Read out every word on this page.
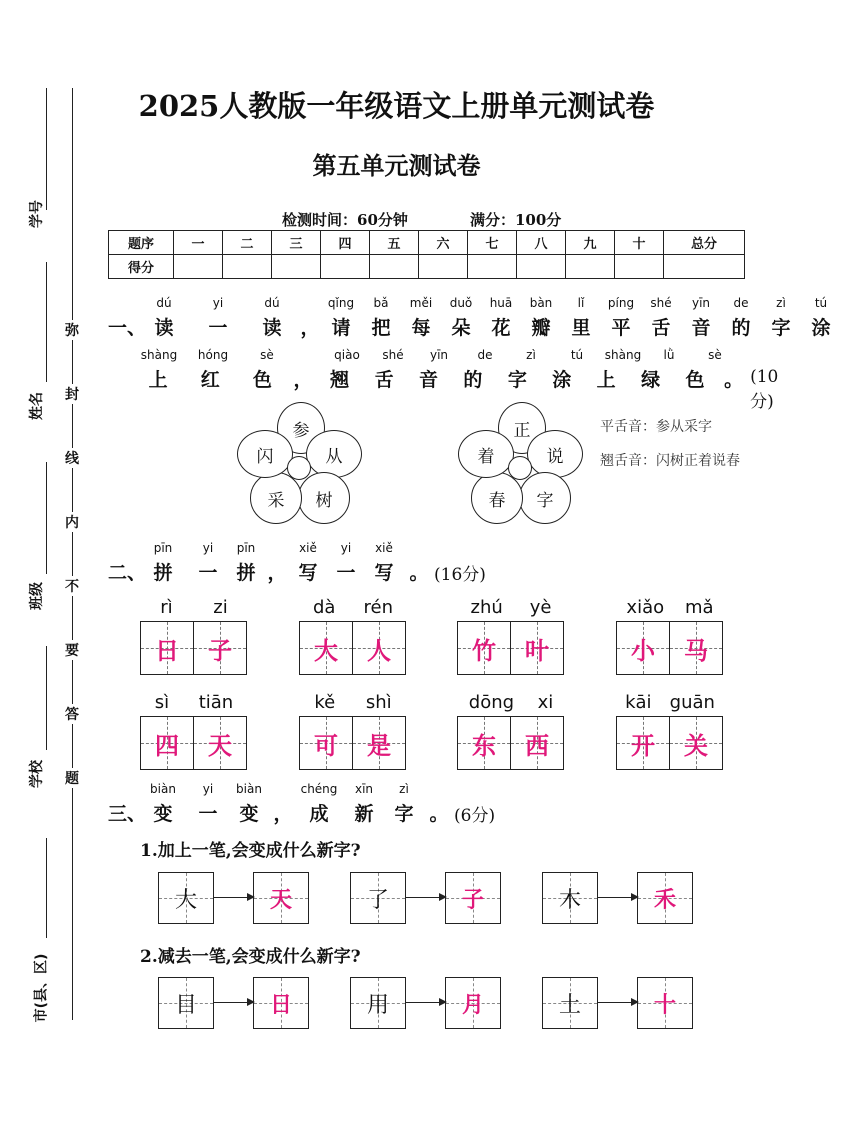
学号
姓名
班级
学校
市(县、区)
弥
封
线
内
不
要
答
题
2025人教版一年级语文上册单元测试卷
第五单元测试卷
检测时间：60分钟	满分：100分
题序	一	二	三	四	五	六	七	八	九	十	总分
得分											
dú	yi	dú	qǐng	bǎ	měi	duǒ	huā	bàn	lǐ	píng	shé	yīn	de	zì	tú
一、 读	一	读 ， 请	把	每	朵	花	瓣	里	平	舌	音	的	字	涂
shàng	hóng	sè	qiào	shé	yīn	de	zì	tú	shàng	lǜ	sè
上	红	色	， 翘	舌	音	的	字	涂	上	绿	色	。 (10分)
参
从
树
采
闪
正
说
字
春
着
平舌音：参从采字
翘舌音：闪树正着说春
pīn	yi	pīn	xiě	yi	xiě
二、 拼	一 拼 ， 写 一 写 。 (16分)
rì zi
日 子
dà rén
大 人
zhú yè
竹 叶
xiǎo mǎ
小 马
sì tiān
四 天
kě shì
可 是
dōng xi
东 西
kāi guān
开 关
biàn	yi	biàn	chéng	xīn	zì
三、 变	一	变 ， 成	新	字 。 (6分)
1.加上一笔,会变成什么新字?
大	天	了	子	木	禾
2.减去一笔,会变成什么新字?
目	日	用	月	土	十
